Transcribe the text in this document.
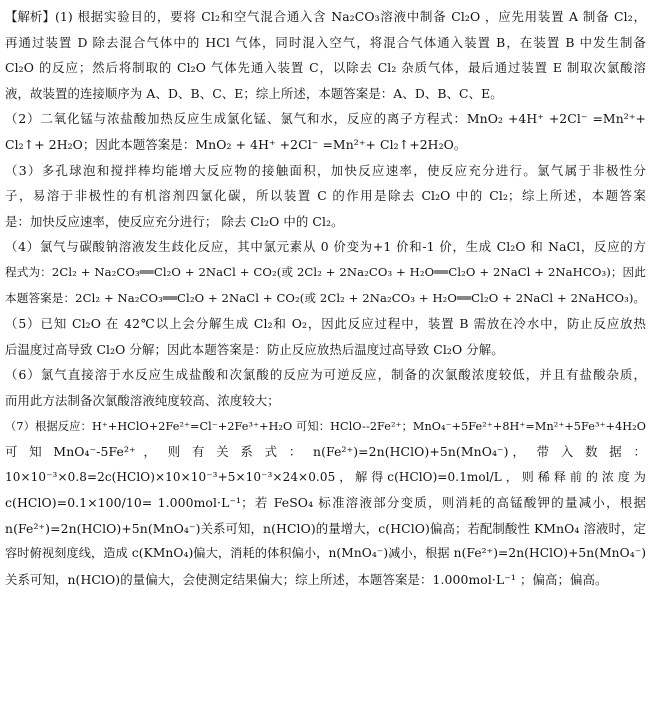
【解析】 (1) 根据实验目的，要将 Cl₂和空气混合通入含 Na₂CO₃溶液中制备 Cl₂O ，应先用装置 A 制备 Cl₂，
再通过装置 D 除去混合气体中的 HCl 气体，同时混入空气，将混合气体通入装置 B，在装置 B 中发生制备
Cl₂O 的反应；然后将制取的 Cl₂O 气体先通入装置 C，以除去 Cl₂ 杂质气体，最后通过装置 E 制取次氯酸溶
液，故装置的连接顺序为 A、D、B、C、E；综上所述，本题答案是：A、D、B、C、E。
（2）二氧化锰与浓盐酸加热反应生成氯化锰、氯气和水，反应的离子方程式：MnO₂ +4H⁺ +2Cl⁻ =Mn²⁺+
Cl₂↑+ 2H₂O；因此本题答案是：MnO₂ + 4H⁺ +2Cl⁻ =Mn²⁺+ Cl₂↑+2H₂O。
（3）多孔球泡和搅拌棒均能增大反应物的接触面积，加快反应速率，使反应充分进行。氯气属于非极性分
子，易溶于非极性的有机溶剂四氯化碳，所以装置 C 的作用是除去 Cl₂O 中的 Cl₂；综上所述，本题答案
是：加快反应速率，使反应充分进行； 除去 Cl₂O 中的 Cl₂。
（4）氯气与碳酸钠溶液发生歧化反应，其中氯元素从 0 价变为+1 价和-1 价，生成 Cl₂O 和 NaCl，反应的方
程式为：2Cl₂ + Na₂CO₃══Cl₂O + 2NaCl + CO₂(或 2Cl₂ + 2Na₂CO₃ + H₂O══Cl₂O + 2NaCl + 2NaHCO₃)；因此
本题答案是：2Cl₂ + Na₂CO₃══Cl₂O + 2NaCl + CO₂(或 2Cl₂ + 2Na₂CO₃ + H₂O══Cl₂O + 2NaCl + 2NaHCO₃)。
（5）已知 Cl₂O 在 42℃以上会分解生成 Cl₂和 O₂，因此反应过程中，装置 B 需放在冷水中，防止反应放热
后温度过高导致 Cl₂O 分解；因此本题答案是：防止反应放热后温度过高导致 Cl₂O 分解。
（6）氯气直接溶于水反应生成盐酸和次氯酸的反应为可逆反应，制备的次氯酸浓度较低，并且有盐酸杂质，
而用此方法制备次氯酸溶液纯度较高、浓度较大；
（7）根据反应：H⁺+HClO+2Fe²⁺=Cl⁻+2Fe³⁺+H₂O 可知：HClO--2Fe²⁺；MnO₄⁻+5Fe²⁺+8H⁺=Mn²⁺+5Fe³⁺+4H₂O
可 知 MnO₄⁻-5Fe²⁺ ， 则 有 关 系 式 ： n(Fe²⁺)=2n(HClO)+5n(MnO₄⁻)， 带 入 数 据 ：
10×10⁻³×0.8=2c(HClO)×10×10⁻³+5×10⁻³×24×0.05 ， 解 得 c(HClO)=0.1mol/L ， 则 稀 释 前 的 浓 度 为
c(HClO)=0.1×100/10= 1.000mol·L⁻¹；若 FeSO₄ 标准溶液部分变质，则消耗的高锰酸钾的量减小，根据
n(Fe²⁺)=2n(HClO)+5n(MnO₄⁻)关系可知，n(HClO)的量增大，c(HClO)偏高；若配制酸性 KMnO₄ 溶液时，定
容时俯视刻度线，造成 c(KMnO₄)偏大，消耗的体积偏小，n(MnO₄⁻)减小，根据 n(Fe²⁺)=2n(HClO)+5n(MnO₄⁻)
关系可知，n(HClO)的量偏大，会使测定结果偏大；综上所述，本题答案是：1.000mol·L⁻¹ ；偏高；偏高。
